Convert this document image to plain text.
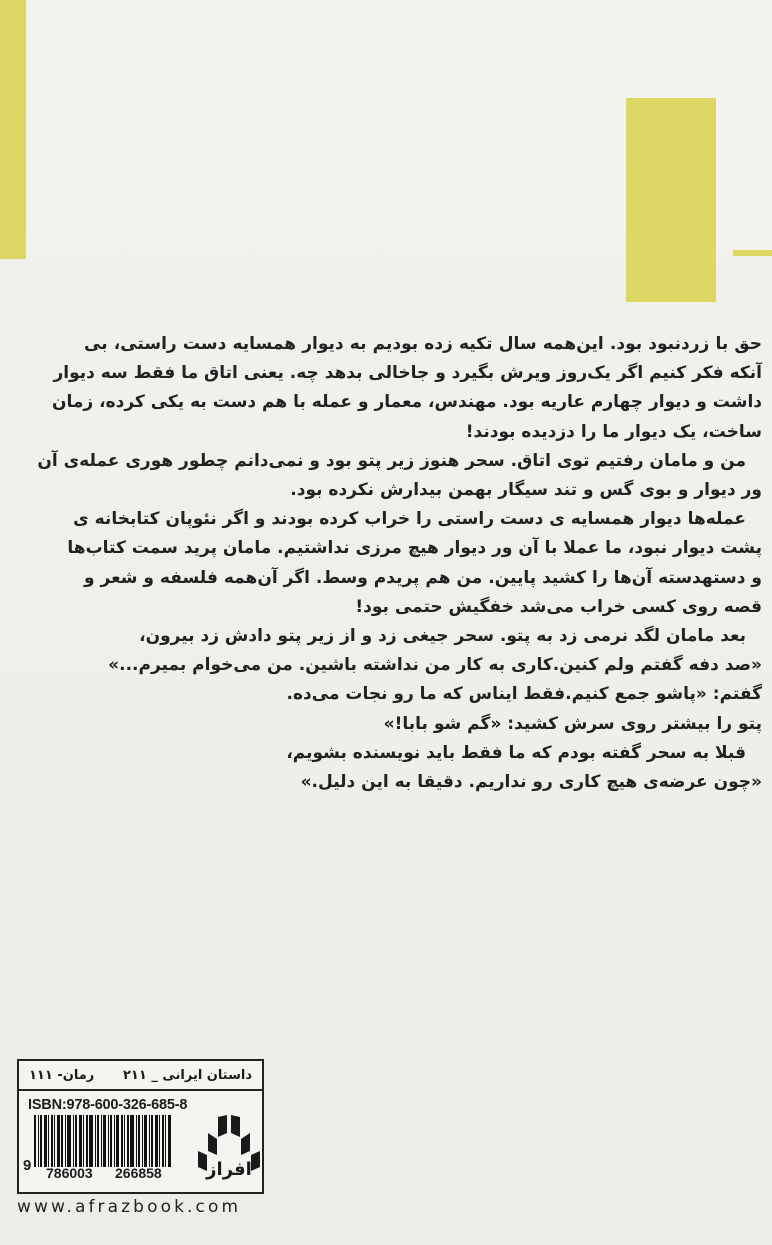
حق با زردنبود بود. این‌همه سال تکیه زده بودیم به دیوار همسایه دست راستی، بی
آنکه فکر کنیم اگر یک‌روز ویرش بگیرد و جاخالی بدهد چه. یعنی اتاق ما فقط سه دیوار
داشت و دیوار چهارم عاریه بود. مهندس، معمار و عمله با هم دست به یکی کرده، زمان
ساخت، یک دیوار ما را دزدیده بودند!
من و مامان رفتیم توی اتاق. سحر هنوز زیر پتو بود و نمی‌دانم چطور هوری عمله‌ی آن
ور دیوار و بوی گس و تند سیگار بهمن بیدارش نکرده بود.
عمله‌ها دیوار همسایه ی دست راستی را خراب کرده بودند و اگر نئوپان کتابخانه ی
پشت دیوار نبود، ما عملا با آن ور دیوار هیچ مرزی نداشتیم. مامان پرید سمت کتاب‌ها
و دستهدسته آن‌ها را کشید پایین. من هم پریدم وسط. اگر آن‌همه فلسفه و شعر و
قصه روی کسی خراب می‌شد خفگیش حتمی بود!
بعد مامان لگد نرمی زد به پتو. سحر جیغی زد و از زیر پتو دادش زد بیرون،
«صد دفه گفتم ولم کنین.کاری به کار من نداشته باشین. من می‌خوام بمیرم...»
گفتم: «پاشو جمع کنیم.فقط ایناس که ما رو نجات می‌ده.
پتو را بیشتر روی سرش کشید: «گم شو بابا!»
قبلا به سحر گفته بودم که ما فقط باید نویسنده بشویم،
«چون عرضه‌ی هیچ کاری رو نداریم. دقیقا به این دلیل.»
داستان ایرانی _ ۲۱۱
رمان- ۱۱۱
ISBN:978-600-326-685-8
9 786003 266858 افراز
www.afrazbook.com
